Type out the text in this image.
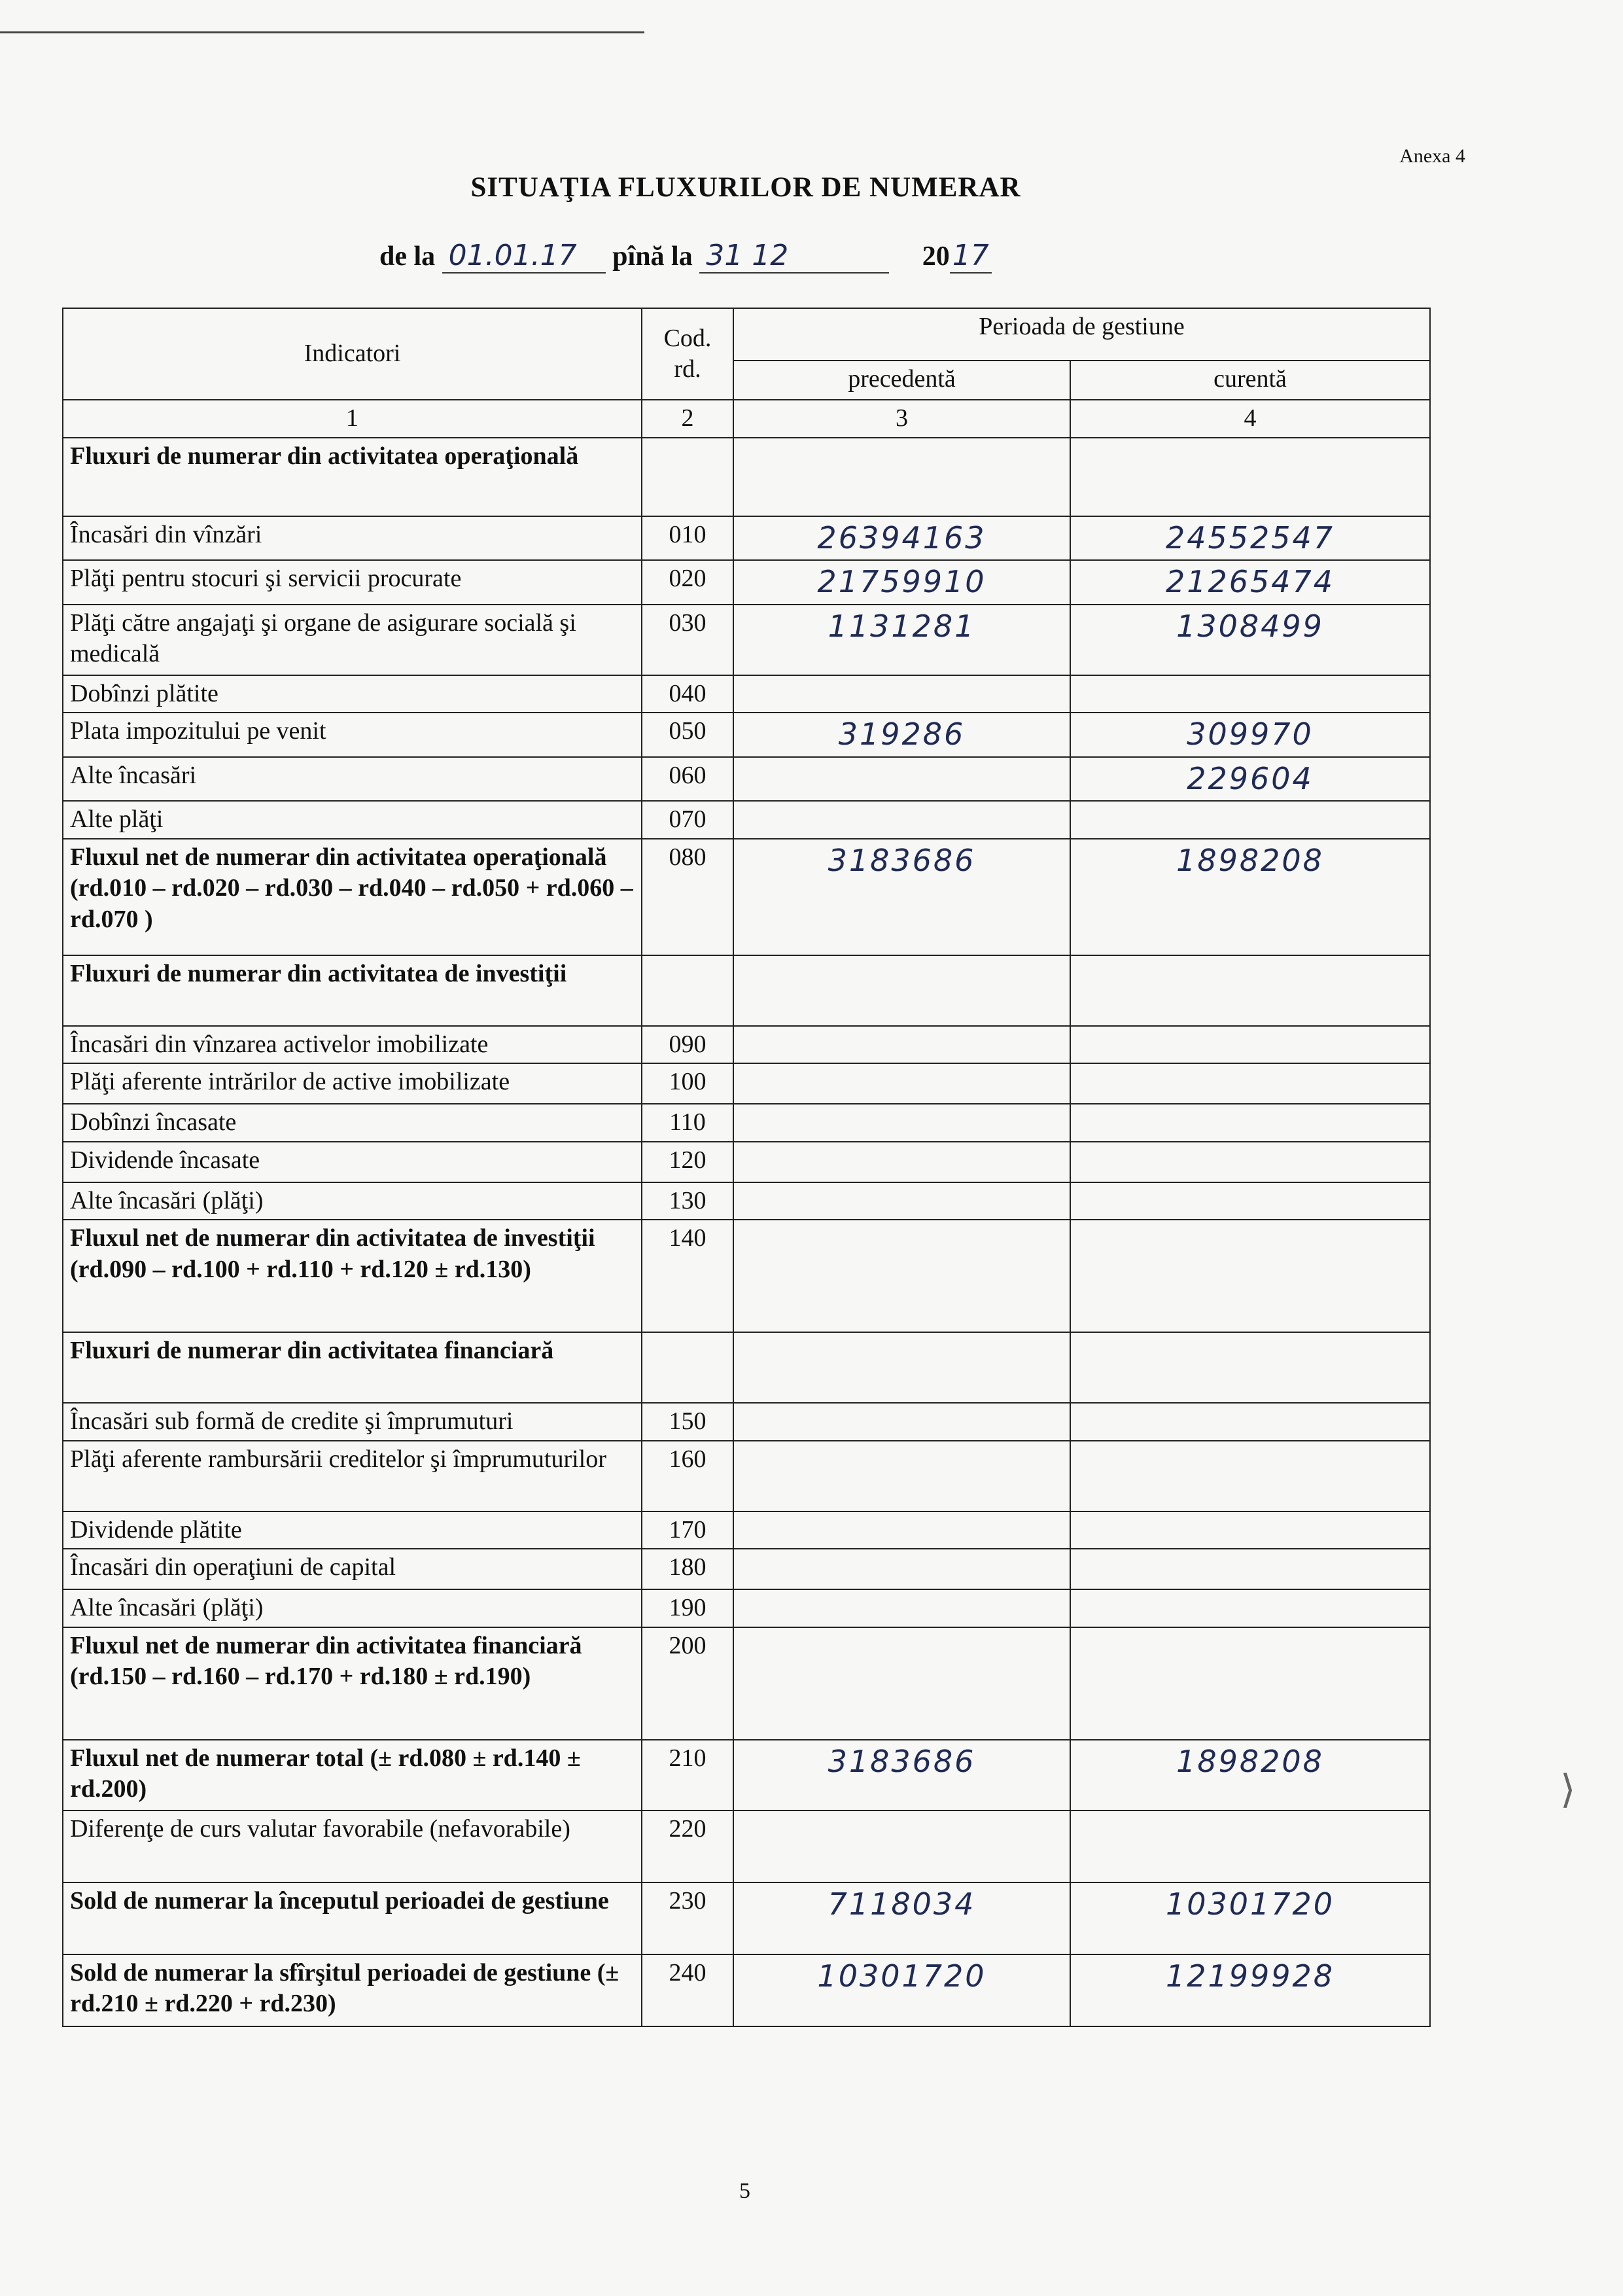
Anexa 4
SITUAŢIA FLUXURILOR DE NUMERAR
de la 01.01.17 pînă la 31 12	2017
Indicatori	Cod. rd.	Perioada de gestiune	
		precedentă	curentă
1	2	3	4
Fluxuri de numerar din activitatea operaţională			
Încasări din vînzări	010	26394163	24552547
Plăţi pentru stocuri şi servicii procurate	020	21759910	21265474
Plăţi către angajaţi şi organe de asigurare socială şi medicală	030	1131281	1308499
Dobînzi plătite	040		
Plata impozitului pe venit	050	319286	309970
Alte încasări	060		229604
Alte plăţi	070		
Fluxul net de numerar din activitatea operaţională (rd.010 – rd.020 – rd.030 – rd.040 – rd.050 + rd.060 – rd.070 )	080	3183686	1898208
Fluxuri de numerar din activitatea de investiţii			
Încasări din vînzarea activelor imobilizate	090		
Plăţi aferente intrărilor de active imobilizate	100		
Dobînzi încasate	110		
Dividende încasate	120		
Alte încasări (plăţi)	130		
Fluxul net de numerar din activitatea de investiţii (rd.090 – rd.100 + rd.110 + rd.120 ± rd.130)	140		
Fluxuri de numerar din activitatea financiară			
Încasări sub formă de credite şi împrumuturi	150		
Plăţi aferente rambursării creditelor şi împrumuturilor	160		
Dividende plătite	170		
Încasări din operaţiuni de capital	180		
Alte încasări (plăţi)	190		
Fluxul net de numerar din activitatea financiară (rd.150 – rd.160 – rd.170 + rd.180 ± rd.190)	200		
Fluxul net de numerar total (± rd.080 ± rd.140 ± rd.200)	210	3183686	1898208
Diferenţe de curs valutar favorabile (nefavorabile)	220		
Sold de numerar la începutul perioadei de gestiune	230	7118034	10301720
Sold de numerar la sfîrşitul perioadei de gestiune (± rd.210 ± rd.220 + rd.230)	240	10301720	12199928
5
⟩
